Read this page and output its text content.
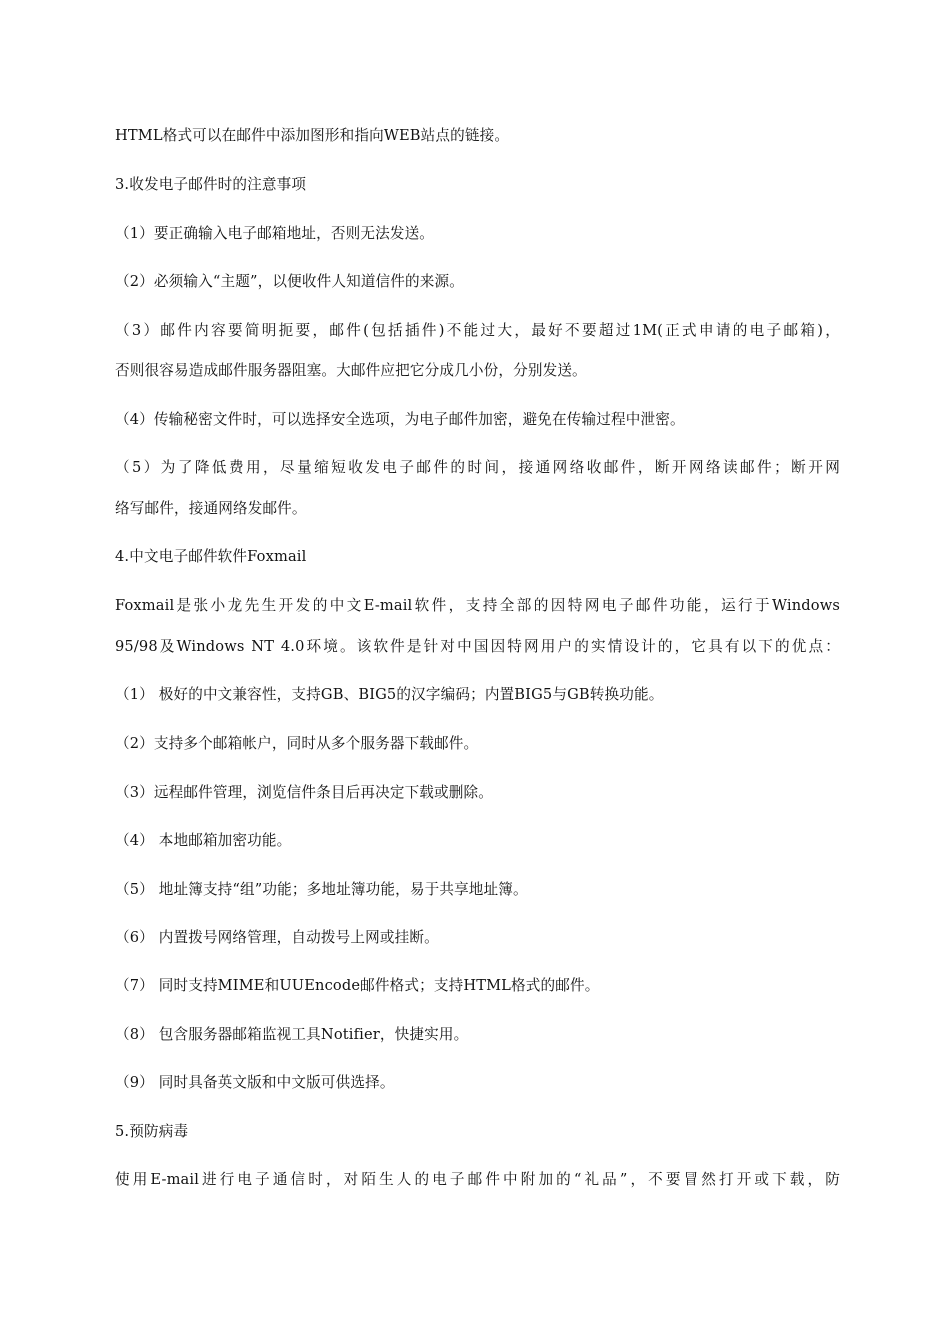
HTML格式可以在邮件中添加图形和指向WEB站点的链接。
3.收发电子邮件时的注意事项
（1）要正确输入电子邮箱地址，否则无法发送。
（2）必须输入“主题”，以便收件人知道信件的来源。
（3）邮件内容要简明扼要，邮件(包括插件)不能过大，最好不要超过1M(正式申请的电子邮箱)，
否则很容易造成邮件服务器阻塞。大邮件应把它分成几小份，分别发送。
（4）传输秘密文件时，可以选择安全选项，为电子邮件加密，避免在传输过程中泄密。
（5）为了降低费用，尽量缩短收发电子邮件的时间，接通网络收邮件，断开网络读邮件；断开网
络写邮件，接通网络发邮件。
4.中文电子邮件软件Foxmail
Foxmail是张小龙先生开发的中文E-mail软件，支持全部的因特网电子邮件功能，运行于Windows
95/98及Windows NT 4.0环境。该软件是针对中国因特网用户的实情设计的，它具有以下的优点：
（1） 极好的中文兼容性，支持GB、BIG5的汉字编码；内置BIG5与GB转换功能。
（2）支持多个邮箱帐户，同时从多个服务器下载邮件。
（3）远程邮件管理，浏览信件条目后再决定下载或删除。
（4） 本地邮箱加密功能。
（5） 地址簿支持“组”功能；多地址簿功能，易于共享地址簿。
（6） 内置拨号网络管理，自动拨号上网或挂断。
（7） 同时支持MIME和UUEncode邮件格式；支持HTML格式的邮件。
（8） 包含服务器邮箱监视工具Notifier，快捷实用。
（9） 同时具备英文版和中文版可供选择。
5.预防病毒
使用E-mail进行电子通信时，对陌生人的电子邮件中附加的“礼品”，不要冒然打开或下载，防
